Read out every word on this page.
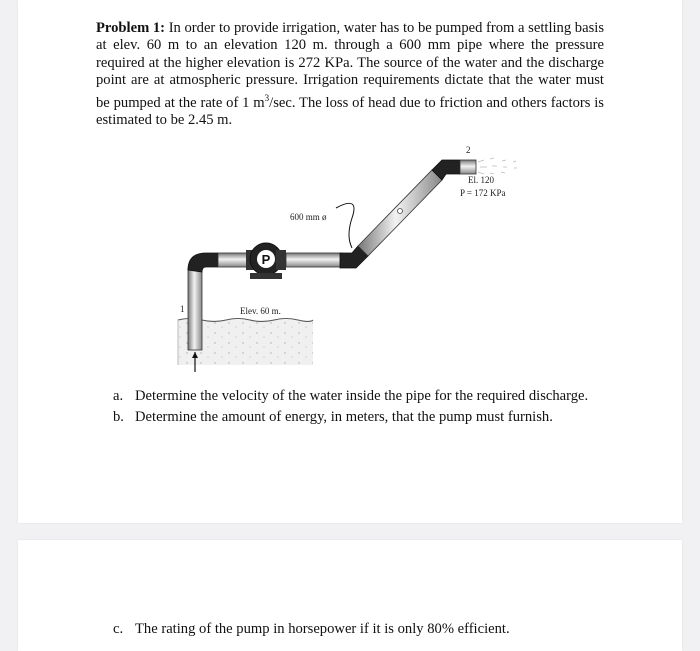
Problem 1: In order to provide irrigation, water has to be pumped from a settling basis at elev. 60 m to an elevation 120 m. through a 600 mm pipe where the pressure required at the higher elevation is 272 KPa. The source of the water and the discharge point are at atmospheric pressure. Irrigation requirements dictate that the water must be pumped at the rate of 1 $m^3/\sec$. The loss of head due to friction and others factors is estimated to be 2.45 m.
P
600 mm ø
Elev. 60 m.
El. 120
P = 172 KPa
1
2
a. Determine the velocity of the water inside the pipe for the required discharge.
b. Determine the amount of energy, in meters, that the pump must furnish.
c. The rating of the pump in horsepower if it is only 80% efficient.
